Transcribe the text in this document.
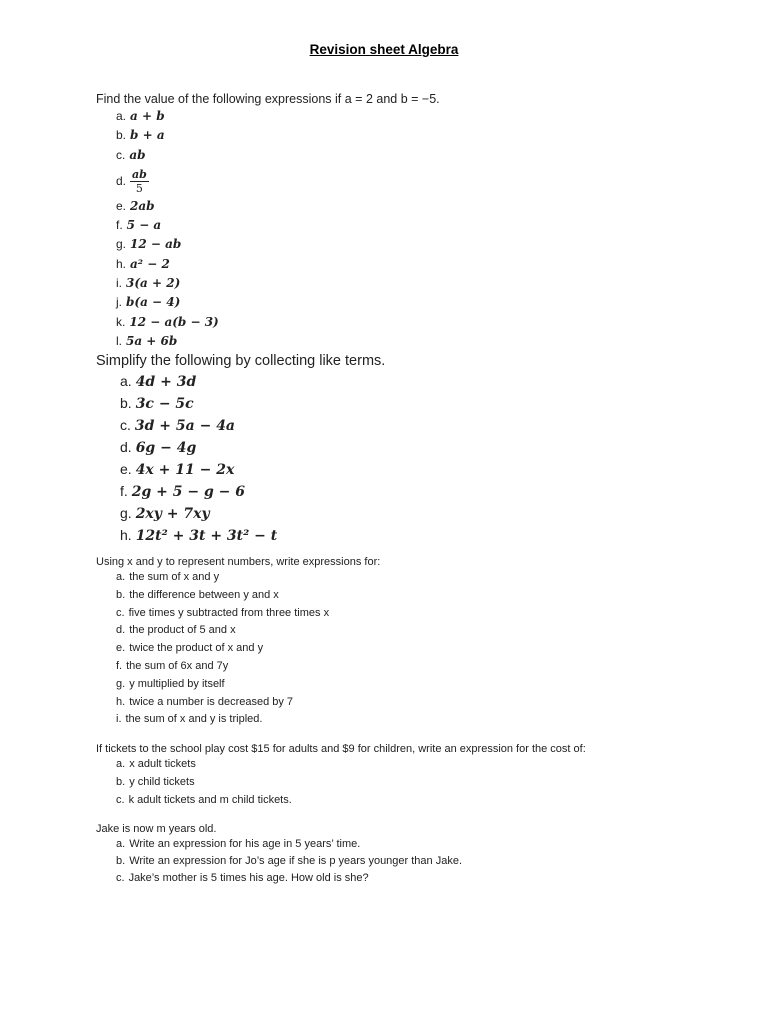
Revision sheet Algebra
Find the value of the following expressions if a = 2 and b = −5.
a. a + b
b. b + a
c. ab
d. $\frac{ab}{5}$
e. 2ab
f. 5 − a
g. 12 − ab
h. a² − 2
i. 3(a + 2)
j. b(a − 4)
k. 12 − a(b − 3)
l. 5a + 6b
Simplify the following by collecting like terms.
a. 4d + 3d
b. 3c − 5c
c. 3d + 5a − 4a
d. 6g − 4g
e. 4x + 11 − 2x
f. 2g + 5 − g − 6
g. 2xy + 7xy
h. 12t² + 3t + 3t² − t
Using x and y to represent numbers, write expressions for:
a. the sum of x and y
b. the difference between y and x
c. five times y subtracted from three times x
d. the product of 5 and x
e. twice the product of x and y
f. the sum of 6x and 7y
g. y multiplied by itself
h. twice a number is decreased by 7
i. the sum of x and y is tripled.
If tickets to the school play cost $15 for adults and $9 for children, write an expression for the cost of:
a. x adult tickets
b. y child tickets
c. k adult tickets and m child tickets.
Jake is now m years old.
a. Write an expression for his age in 5 years’ time.
b. Write an expression for Jo’s age if she is p years younger than Jake.
c. Jake’s mother is 5 times his age. How old is she?
